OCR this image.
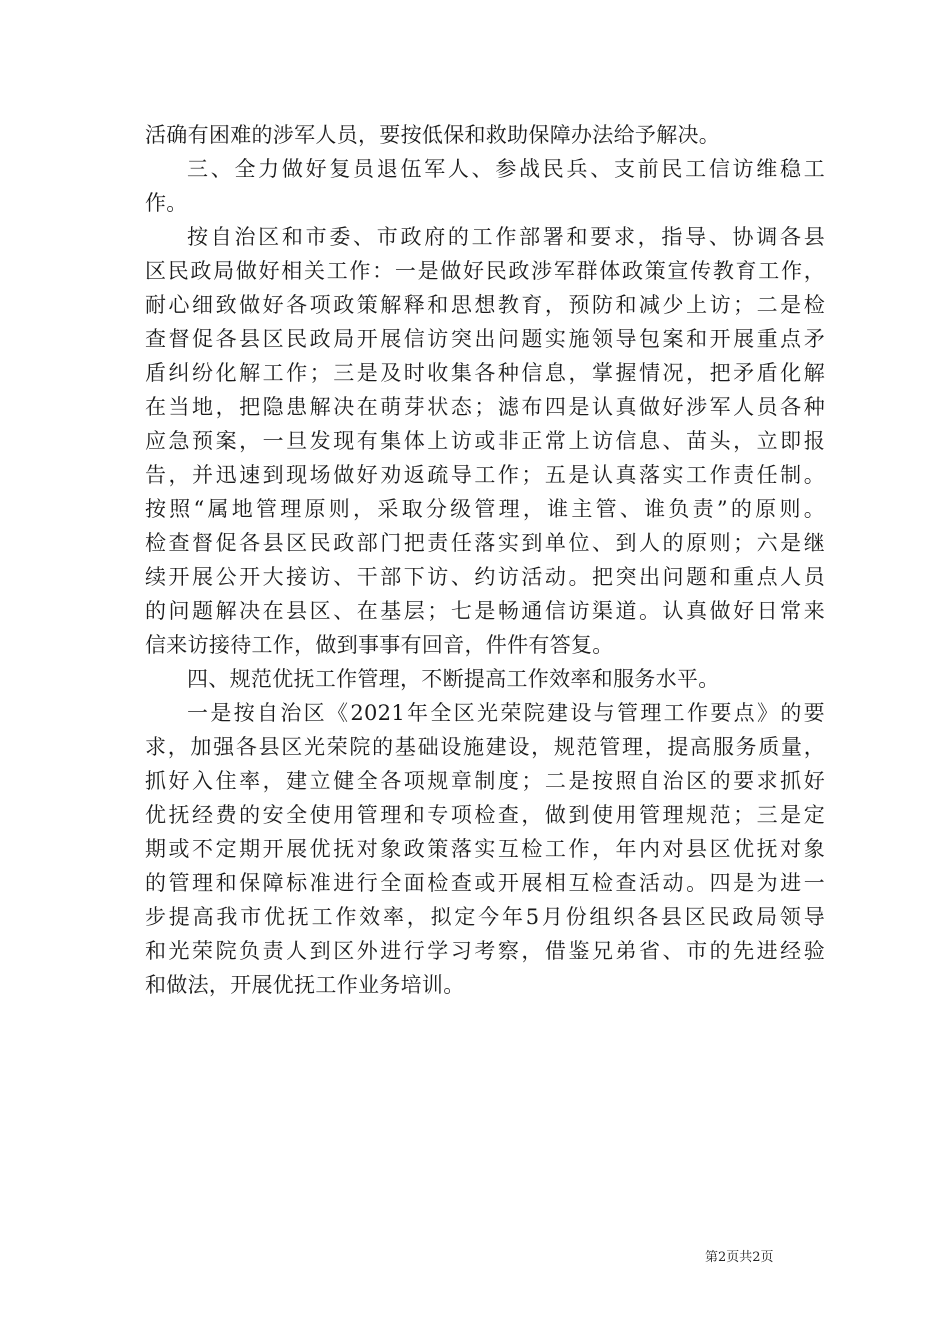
活确有困难的涉军人员，要按低保和救助保障办法给予解决。
三、全力做好复员退伍军人、参战民兵、支前民工信访维稳工
作。
按自治区和市委、市政府的工作部署和要求，指导、协调各县
区民政局做好相关工作：一是做好民政涉军群体政策宣传教育工作，
耐心细致做好各项政策解释和思想教育，预防和减少上访；二是检
查督促各县区民政局开展信访突出问题实施领导包案和开展重点矛
盾纠纷化解工作；三是及时收集各种信息，掌握情况，把矛盾化解
在当地，把隐患解决在萌芽状态；滤布四是认真做好涉军人员各种
应急预案，一旦发现有集体上访或非正常上访信息、苗头，立即报
告，并迅速到现场做好劝返疏导工作；五是认真落实工作责任制。
按照“属地管理原则，采取分级管理，谁主管、谁负责”的原则。
检查督促各县区民政部门把责任落实到单位、到人的原则；六是继
续开展公开大接访、干部下访、约访活动。把突出问题和重点人员
的问题解决在县区、在基层；七是畅通信访渠道。认真做好日常来
信来访接待工作，做到事事有回音，件件有答复。
四、规范优抚工作管理，不断提高工作效率和服务水平。
一是按自治区《2021年全区光荣院建设与管理工作要点》的要
求，加强各县区光荣院的基础设施建设，规范管理，提高服务质量，
抓好入住率，建立健全各项规章制度；二是按照自治区的要求抓好
优抚经费的安全使用管理和专项检查，做到使用管理规范；三是定
期或不定期开展优抚对象政策落实互检工作，年内对县区优抚对象
的管理和保障标准进行全面检查或开展相互检查活动。四是为进一
步提高我市优抚工作效率，拟定今年5月份组织各县区民政局领导
和光荣院负责人到区外进行学习考察，借鉴兄弟省、市的先进经验
和做法，开展优抚工作业务培训。
第2页共2页
